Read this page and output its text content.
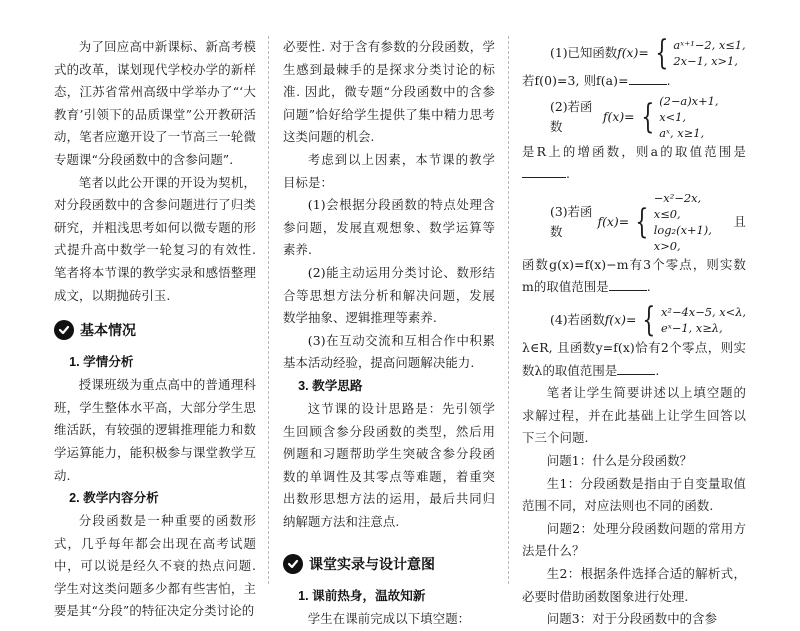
为了回应高中新课标、新高考模式的改革，谋划现代学校办学的新样态，江苏省常州高级中学举办了“‘大教育’引领下的品质课堂”公开教研活动，笔者应邀开设了一节高三一轮微专题课“分段函数中的含参问题”.

笔者以此公开课的开设为契机，对分段函数中的含参问题进行了归类研究，并粗浅思考如何以微专题的形式提升高中数学一轮复习的有效性.笔者将本节课的教学实录和感悟整理成文，以期抛砖引玉.

基本情况

1. 学情分析

授课班级为重点高中的普通理科班，学生整体水平高，大部分学生思维活跃，有较强的逻辑推理能力和数学运算能力，能积极参与课堂教学互动.

2. 教学内容分析

分段函数是一种重要的函数形式，几乎每年都会出现在高考试题中，可以说是经久不衰的热点问题. 学生对这类问题多少都有些害怕，主要是其“分段”的特征决定分类讨论的

必要性. 对于含有参数的分段函数，学生感到最棘手的是探求分类讨论的标准. 因此，微专题“分段函数中的含参问题”恰好给学生提供了集中精力思考这类问题的机会.

考虑到以上因素，本节课的教学目标是：

(1)会根据分段函数的特点处理含参问题，发展直观想象、数学运算等素养.

(2)能主动运用分类讨论、数形结合等思想方法分析和解决问题，发展数学抽象、逻辑推理等素养.

(3)在互动交流和互相合作中积累基本活动经验，提高问题解决能力.

3. 教学思路

这节课的设计思路是：先引领学生回顾含参分段函数的类型，然后用例题和习题帮助学生突破含参分段函数的单调性及其零点等难题，着重突出数形思想方法的运用，最后共同归纳解题方法和注意点.

课堂实录与设计意图

1. 课前热身，温故知新

学生在课前完成以下填空题：

(1)已知函数 f(x)= { aˣ⁺¹−2, x≤1,
2x−1, x>1,

若f(0)=3, 则f(a)=	.

(2)若函数
f(x)= { (2−a)x+1, x<1,
aˣ, x≥1,

是R上的增函数，则a的取值范围是.

(3)若函数
f(x)= {
−x²−2x, x≤0,
log₂(x+1), x>0,
且

函数g(x)=f(x)−m有3个零点，则实数m的取值范围是	.

(4)若函数 f(x)= { x²−4x−5, x<λ,
eˣ−1, x≥λ,

λ∈R, 且函数y=f(x)恰有2个零点，则实数λ的取值范围是	.

笔者让学生简要讲述以上填空题的求解过程，并在此基础上让学生回答以下三个问题.

问题1：什么是分段函数？

生1：分段函数是指由于自变量取值范围不同，对应法则也不同的函数.

问题2：处理分段函数问题的常用方法是什么？

生2：根据条件选择合适的解析式，必要时借助函数图象进行处理.

问题3：对于分段函数中的含参
